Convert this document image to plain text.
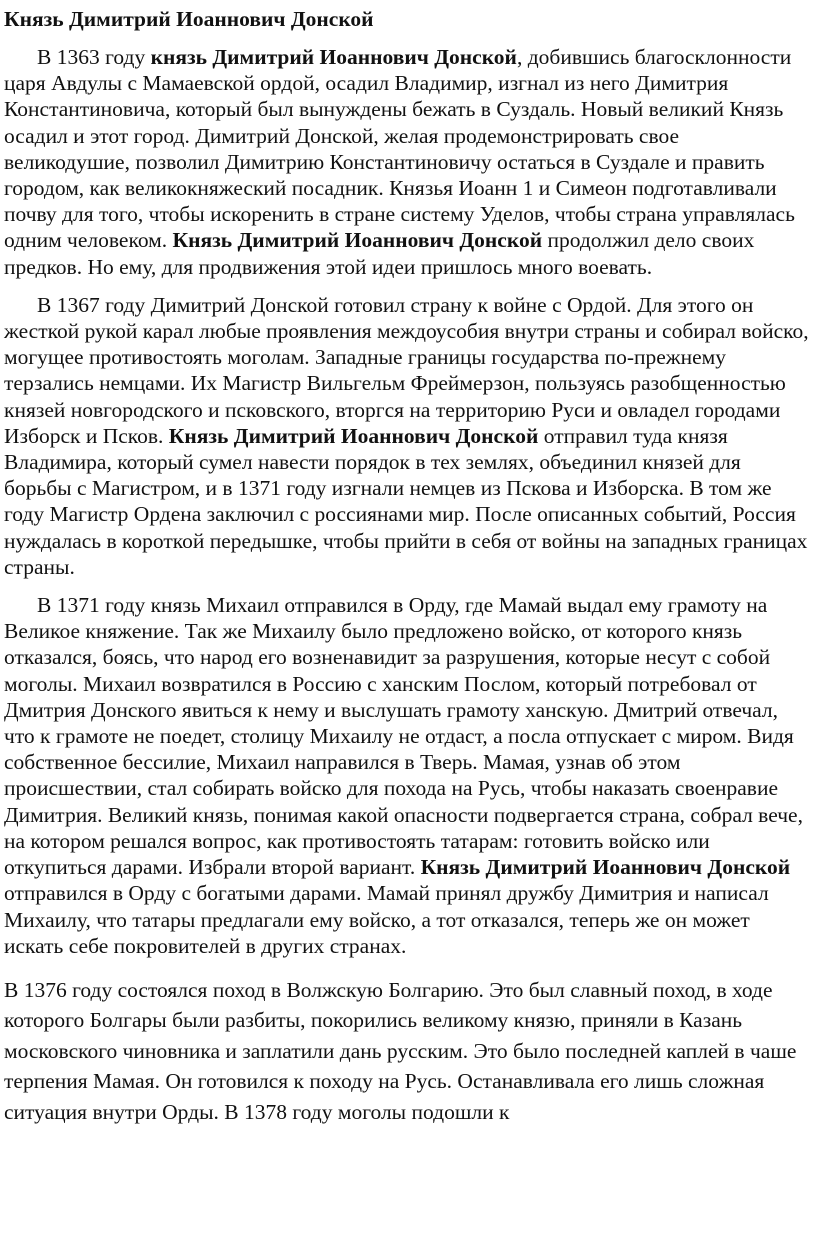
Князь Димитрий Иоаннович Донской

В 1363 году князь Димитрий Иоаннович Донской, добившись благосклонности царя Авдулы с Мамаевской ордой, осадил Владимир, изгнал из него Димитрия Константиновича, который был вынуждены бежать в Суздаль. Новый великий Князь осадил и этот город. Димитрий Донской, желая продемонстрировать свое великодушие, позволил Димитрию Константиновичу остаться в Суздале и править городом, как великокняжеский посадник. Князья Иоанн 1 и Симеон подготавливали почву для того, чтобы искоренить в стране систему Уделов, чтобы страна управлялась одним человеком. Князь Димитрий Иоаннович Донской продолжил дело своих предков. Но ему, для продвижения этой идеи пришлось много воевать.

В 1367 году Димитрий Донской готовил страну к войне с Ордой. Для этого он жесткой рукой карал любые проявления междоусобия внутри страны и собирал войско, могущее противостоять моголам. Западные границы государства по-прежнему терзались немцами. Их Магистр Вильгельм Фреймерзон, пользуясь разобщенностью князей новгородского и псковского, вторгся на территорию Руси и овладел городами Изборск и Псков. Князь Димитрий Иоаннович Донской отправил туда князя Владимира, который сумел навести порядок в тех землях, объединил князей для борьбы с Магистром, и в 1371 году изгнали немцев из Пскова и Изборска. В том же году Магистр Ордена заключил с россиянами мир. После описанных событий, Россия нуждалась в короткой передышке, чтобы прийти в себя от войны на западных границах страны.

В 1371 году князь Михаил отправился в Орду, где Мамай выдал ему грамоту на Великое княжение. Так же Михаилу было предложено войско, от которого князь отказался, боясь, что народ его возненавидит за разрушения, которые несут с собой моголы. Михаил возвратился в Россию с ханским Послом, который потребовал от Дмитрия Донского явиться к нему и выслушать грамоту ханскую. Дмитрий отвечал, что к грамоте не поедет, столицу Михаилу не отдаст, а посла отпускает с миром. Видя собственное бессилие, Михаил направился в Тверь. Мамая, узнав об этом происшествии, стал собирать войско для похода на Русь, чтобы наказать своенравие Димитрия. Великий князь, понимая какой опасности подвергается страна, собрал вече, на котором решался вопрос, как противостоять татарам: готовить войско или откупиться дарами. Избрали второй вариант. Князь Димитрий Иоаннович Донской отправился в Орду с богатыми дарами. Мамай принял дружбу Димитрия и написал Михаилу, что татары предлагали ему войско, а тот отказался, теперь же он может искать себе покровителей в других странах.

В 1376 году состоялся поход в Волжскую Болгарию. Это был славный поход, в ходе которого Болгары были разбиты, покорились великому князю, приняли в Казань московского чиновника и заплатили дань русским. Это было последней каплей в чаше терпения Мамая. Он готовился к походу на Русь. Останавливала его лишь сложная ситуация внутри Орды. В 1378 году моголы подошли к
